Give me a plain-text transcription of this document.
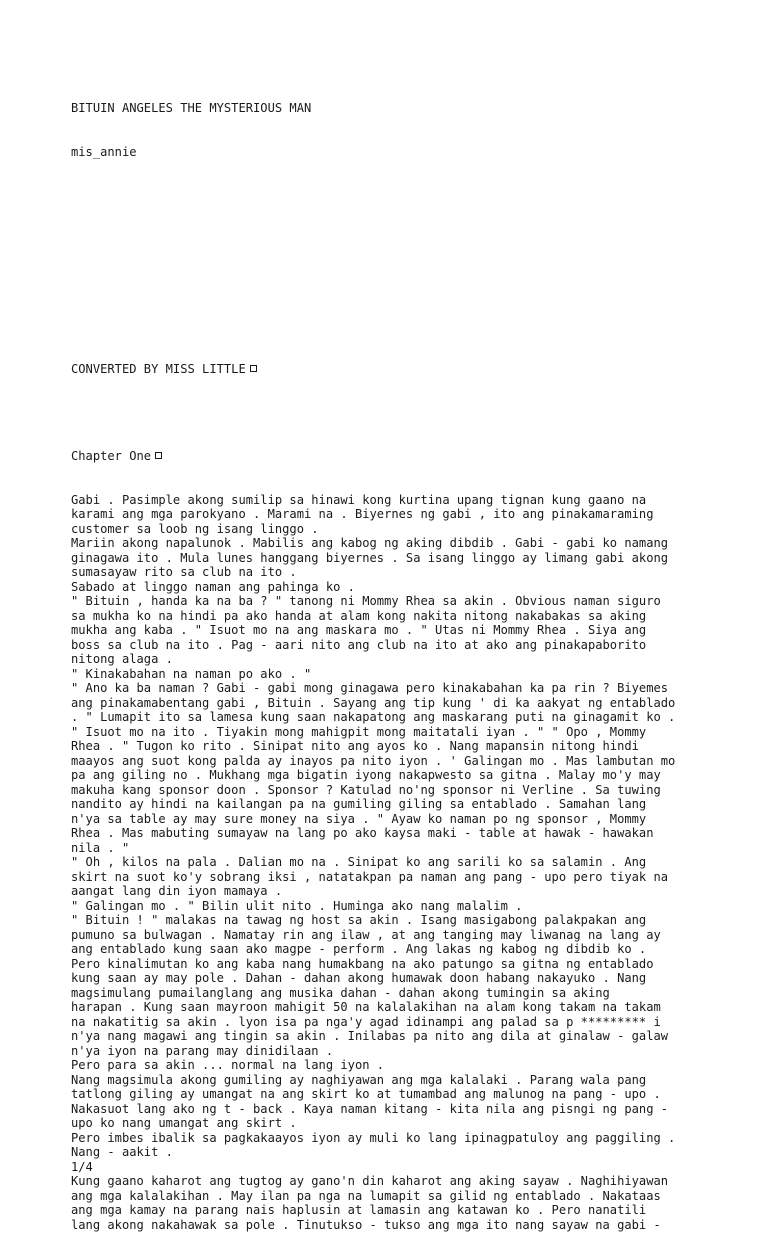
BITUIN ANGELES THE MYSTERIOUS MAN

mis_annie

CONVERTED BY MISS LITTLE

Chapter One

Gabi . Pasimple akong sumilip sa hinawi kong kurtina upang tignan kung gaano na
karami ang mga parokyano . Marami na . Biyernes ng gabi , ito ang pinakamaraming
customer sa loob ng isang linggo .
Mariin akong napalunok . Mabilis ang kabog ng aking dibdib . Gabi - gabi ko namang
ginagawa ito . Mula lunes hanggang biyernes . Sa isang linggo ay limang gabi akong
sumasayaw rito sa club na ito .
Sabado at linggo naman ang pahinga ko .
" Bituin , handa ka na ba ? " tanong ni Mommy Rhea sa akin . Obvious naman siguro
sa mukha ko na hindi pa ako handa at alam kong nakita nitong nakabakas sa aking
mukha ang kaba . " Isuot mo na ang maskara mo . " Utas ni Mommy Rhea . Siya ang
boss sa club na ito . Pag - aari nito ang club na ito at ako ang pinakapaborito
nitong alaga .
" Kinakabahan na naman po ako . "
" Ano ka ba naman ? Gabi - gabi mong ginagawa pero kinakabahan ka pa rin ? Biyemes
ang pinakamabentang gabi , Bituin . Sayang ang tip kung ' di ka aakyat ng entablado
. " Lumapit ito sa lamesa kung saan nakapatong ang maskarang puti na ginagamit ko .
" Isuot mo na ito . Tiyakin mong mahigpit mong maitatali iyan . " " Opo , Mommy
Rhea . " Tugon ko rito . Sinipat nito ang ayos ko . Nang mapansin nitong hindi
maayos ang suot kong palda ay inayos pa nito iyon . ' Galingan mo . Mas lambutan mo
pa ang giling no . Mukhang mga bigatin iyong nakapwesto sa gitna . Malay mo'y may
makuha kang sponsor doon . Sponsor ? Katulad no'ng sponsor ni Verline . Sa tuwing
nandito ay hindi na kailangan pa na gumiling giling sa entablado . Samahan lang
n'ya sa table ay may sure money na siya . " Ayaw ko naman po ng sponsor , Mommy
Rhea . Mas mabuting sumayaw na lang po ako kaysa maki - table at hawak - hawakan
nila . "
" Oh , kilos na pala . Dalian mo na . Sinipat ko ang sarili ko sa salamin . Ang
skirt na suot ko'y sobrang iksi , natatakpan pa naman ang pang - upo pero tiyak na
aangat lang din iyon mamaya .
" Galingan mo . " Bilin ulit nito . Huminga ako nang malalim .
" Bituin ! " malakas na tawag ng host sa akin . Isang masigabong palakpakan ang
pumuno sa bulwagan . Namatay rin ang ilaw , at ang tanging may liwanag na lang ay
ang entablado kung saan ako magpe - perform . Ang lakas ng kabog ng dibdib ko .
Pero kinalimutan ko ang kaba nang humakbang na ako patungo sa gitna ng entablado
kung saan ay may pole . Dahan - dahan akong humawak doon habang nakayuko . Nang
magsimulang pumailanglang ang musika dahan - dahan akong tumingin sa aking
harapan . Kung saan mayroon mahigit 50 na kalalakihan na alam kong takam na takam
na nakatitig sa akin . lyon isa pa nga'y agad idinampi ang palad sa p ********* i
n'ya nang magawi ang tingin sa akin . Inilabas pa nito ang dila at ginalaw - galaw
n'ya iyon na parang may dinidilaan .
Pero para sa akin ... normal na lang iyon .
Nang magsimula akong gumiling ay naghiyawan ang mga kalalaki . Parang wala pang
tatlong giling ay umangat na ang skirt ko at tumambad ang malunog na pang - upo .
Nakasuot lang ako ng t - back . Kaya naman kitang - kita nila ang pisngi ng pang -
upo ko nang umangat ang skirt .
Pero imbes ibalik sa pagkakaayos iyon ay muli ko lang ipinagpatuloy ang paggiling .
Nang - aakit .
1/4
Kung gaano kaharot ang tugtog ay gano'n din kaharot ang aking sayaw . Naghihiyawan
ang mga kalalakihan . May ilan pa nga na lumapit sa gilid ng entablado . Nakataas
ang mga kamay na parang nais haplusin at lamasin ang katawan ko . Pero nanatili
lang akong nakahawak sa pole . Tinutukso - tukso ang mga ito nang sayaw na gabi -
